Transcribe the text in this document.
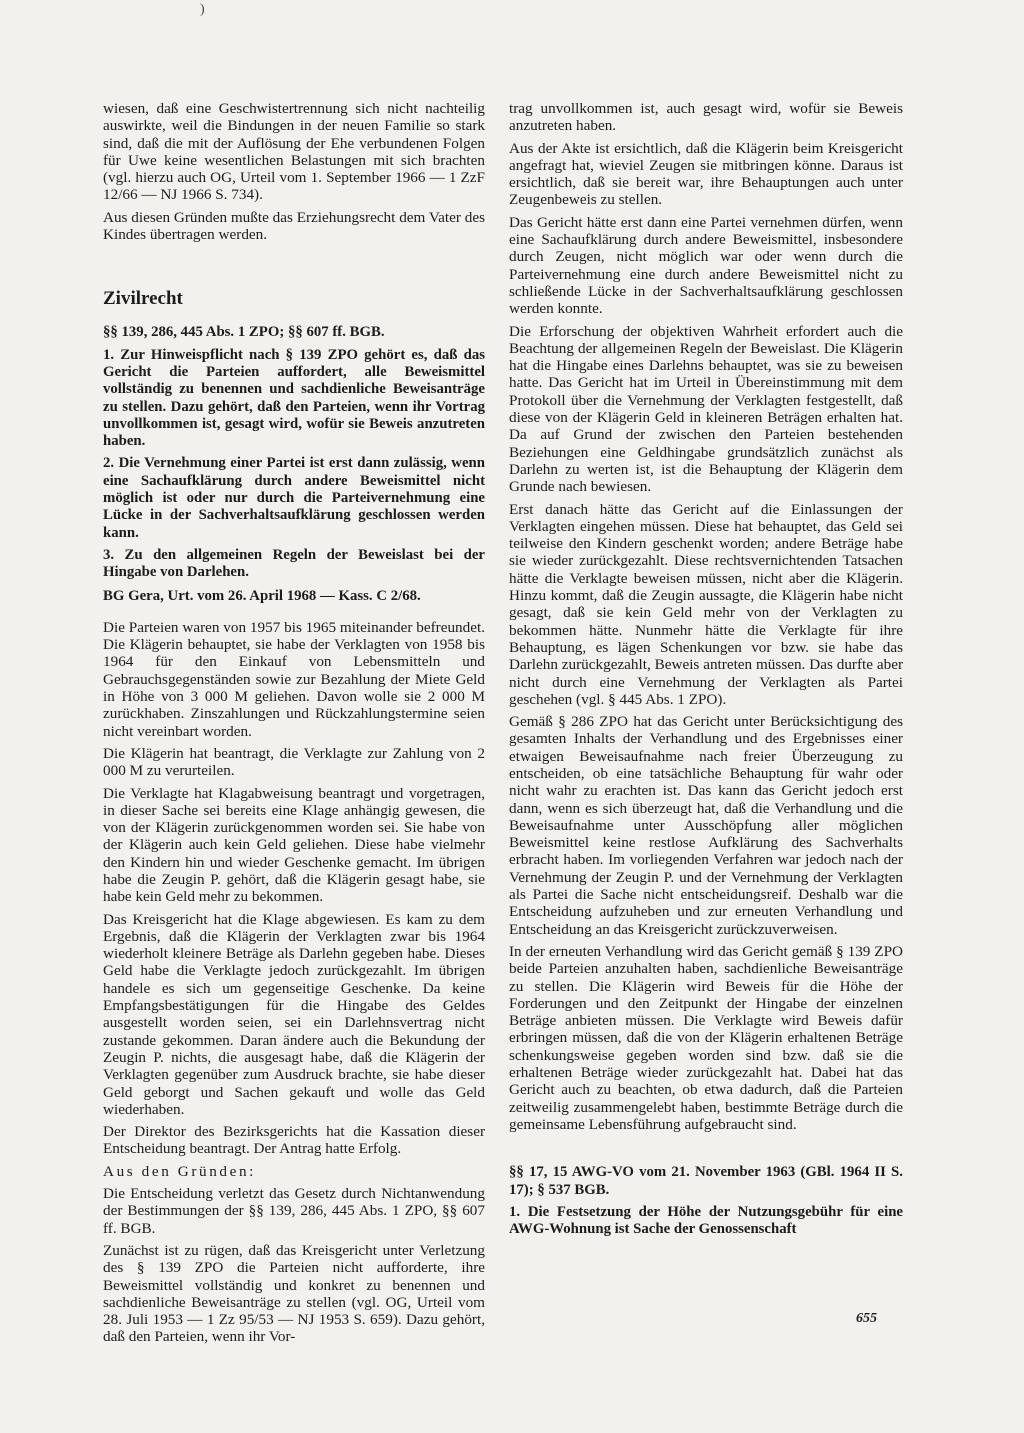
)

wiesen, daß eine Geschwistertrennung sich nicht nachteilig auswirkte, weil die Bindungen in der neuen Familie so stark sind, daß die mit der Auflösung der Ehe verbundenen Folgen für Uwe keine wesentlichen Belastungen mit sich brachten (vgl. hierzu auch OG, Urteil vom 1. September 1966 — 1 ZzF 12/66 — NJ 1966 S. 734).

Aus diesen Gründen mußte das Erziehungsrecht dem Vater des Kindes übertragen werden.

Zivilrecht

§§ 139, 286, 445 Abs. 1 ZPO; §§ 607 ff. BGB.

1. Zur Hinweispflicht nach § 139 ZPO gehört es, daß das Gericht die Parteien auffordert, alle Beweismittel vollständig zu benennen und sachdienliche Beweisanträge zu stellen. Dazu gehört, daß den Parteien, wenn ihr Vortrag unvollkommen ist, gesagt wird, wofür sie Beweis anzutreten haben.

2. Die Vernehmung einer Partei ist erst dann zulässig, wenn eine Sachaufklärung durch andere Beweismittel nicht möglich ist oder nur durch die Parteivernehmung eine Lücke in der Sachverhaltsaufklärung geschlossen werden kann.

3. Zu den allgemeinen Regeln der Beweislast bei der Hingabe von Darlehen.

BG Gera, Urt. vom 26. April 1968 — Kass. C 2/68.

Die Parteien waren von 1957 bis 1965 miteinander befreundet. Die Klägerin behauptet, sie habe der Verklagten von 1958 bis 1964 für den Einkauf von Lebensmitteln und Gebrauchsgegenständen sowie zur Bezahlung der Miete Geld in Höhe von 3 000 M geliehen. Davon wolle sie 2 000 M zurückhaben. Zinszahlungen und Rückzahlungstermine seien nicht vereinbart worden.

Die Klägerin hat beantragt, die Verklagte zur Zahlung von 2 000 M zu verurteilen.

Die Verklagte hat Klagabweisung beantragt und vorgetragen, in dieser Sache sei bereits eine Klage anhängig gewesen, die von der Klägerin zurückgenommen worden sei. Sie habe von der Klägerin auch kein Geld geliehen. Diese habe vielmehr den Kindern hin und wieder Geschenke gemacht. Im übrigen habe die Zeugin P. gehört, daß die Klägerin gesagt habe, sie habe kein Geld mehr zu bekommen.

Das Kreisgericht hat die Klage abgewiesen. Es kam zu dem Ergebnis, daß die Klägerin der Verklagten zwar bis 1964 wiederholt kleinere Beträge als Darlehn gegeben habe. Dieses Geld habe die Verklagte jedoch zurückgezahlt. Im übrigen handele es sich um gegenseitige Geschenke. Da keine Empfangsbestätigungen für die Hingabe des Geldes ausgestellt worden seien, sei ein Darlehnsvertrag nicht zustande gekommen. Daran ändere auch die Bekundung der Zeugin P. nichts, die ausgesagt habe, daß die Klägerin der Verklagten gegenüber zum Ausdruck brachte, sie habe dieser Geld geborgt und Sachen gekauft und wolle das Geld wiederhaben.

Der Direktor des Bezirksgerichts hat die Kassation dieser Entscheidung beantragt. Der Antrag hatte Erfolg.

Aus den Gründen:

Die Entscheidung verletzt das Gesetz durch Nichtanwendung der Bestimmungen der §§ 139, 286, 445 Abs. 1 ZPO, §§ 607 ff. BGB.

Zunächst ist zu rügen, daß das Kreisgericht unter Verletzung des § 139 ZPO die Parteien nicht aufforderte, ihre Beweismittel vollständig und konkret zu benennen und sachdienliche Beweisanträge zu stellen (vgl. OG, Urteil vom 28. Juli 1953 — 1 Zz 95/53 — NJ 1953 S. 659). Dazu gehört, daß den Parteien, wenn ihr Vor-

trag unvollkommen ist, auch gesagt wird, wofür sie Beweis anzutreten haben.

Aus der Akte ist ersichtlich, daß die Klägerin beim Kreisgericht angefragt hat, wieviel Zeugen sie mitbringen könne. Daraus ist ersichtlich, daß sie bereit war, ihre Behauptungen auch unter Zeugenbeweis zu stellen.

Das Gericht hätte erst dann eine Partei vernehmen dürfen, wenn eine Sachaufklärung durch andere Beweismittel, insbesondere durch Zeugen, nicht möglich war oder wenn durch die Parteivernehmung eine durch andere Beweismittel nicht zu schließende Lücke in der Sachverhaltsaufklärung geschlossen werden konnte.

Die Erforschung der objektiven Wahrheit erfordert auch die Beachtung der allgemeinen Regeln der Beweislast. Die Klägerin hat die Hingabe eines Darlehns behauptet, was sie zu beweisen hatte. Das Gericht hat im Urteil in Übereinstimmung mit dem Protokoll über die Vernehmung der Verklagten festgestellt, daß diese von der Klägerin Geld in kleineren Beträgen erhalten hat. Da auf Grund der zwischen den Parteien bestehenden Beziehungen eine Geldhingabe grundsätzlich zunächst als Darlehn zu werten ist, ist die Behauptung der Klägerin dem Grunde nach bewiesen.

Erst danach hätte das Gericht auf die Einlassungen der Verklagten eingehen müssen. Diese hat behauptet, das Geld sei teilweise den Kindern geschenkt worden; andere Beträge habe sie wieder zurückgezahlt. Diese rechtsvernichtenden Tatsachen hätte die Verklagte beweisen müssen, nicht aber die Klägerin. Hinzu kommt, daß die Zeugin aussagte, die Klägerin habe nicht gesagt, daß sie kein Geld mehr von der Verklagten zu bekommen hätte. Nunmehr hätte die Verklagte für ihre Behauptung, es lägen Schenkungen vor bzw. sie habe das Darlehn zurückgezahlt, Beweis antreten müssen. Das durfte aber nicht durch eine Vernehmung der Verklagten als Partei geschehen (vgl. § 445 Abs. 1 ZPO).

Gemäß § 286 ZPO hat das Gericht unter Berücksichtigung des gesamten Inhalts der Verhandlung und des Ergebnisses einer etwaigen Beweisaufnahme nach freier Überzeugung zu entscheiden, ob eine tatsächliche Behauptung für wahr oder nicht wahr zu erachten ist. Das kann das Gericht jedoch erst dann, wenn es sich überzeugt hat, daß die Verhandlung und die Beweisaufnahme unter Ausschöpfung aller möglichen Beweismittel keine restlose Aufklärung des Sachverhalts erbracht haben. Im vorliegenden Verfahren war jedoch nach der Vernehmung der Zeugin P. und der Vernehmung der Verklagten als Partei die Sache nicht entscheidungsreif. Deshalb war die Entscheidung aufzuheben und zur erneuten Verhandlung und Entscheidung an das Kreisgericht zurückzuverweisen.

In der erneuten Verhandlung wird das Gericht gemäß § 139 ZPO beide Parteien anzuhalten haben, sachdienliche Beweisanträge zu stellen. Die Klägerin wird Beweis für die Höhe der Forderungen und den Zeitpunkt der Hingabe der einzelnen Beträge anbieten müssen. Die Verklagte wird Beweis dafür erbringen müssen, daß die von der Klägerin erhaltenen Beträge schenkungsweise gegeben worden sind bzw. daß sie die erhaltenen Beträge wieder zurückgezahlt hat. Dabei hat das Gericht auch zu beachten, ob etwa dadurch, daß die Parteien zeitweilig zusammengelebt haben, bestimmte Beträge durch die gemeinsame Lebensführung aufgebraucht sind.

§§ 17, 15 AWG-VO vom 21. November 1963 (GBl. 1964 II S. 17); § 537 BGB.

1. Die Festsetzung der Höhe der Nutzungsgebühr für eine AWG-Wohnung ist Sache der Genossenschaft

655
